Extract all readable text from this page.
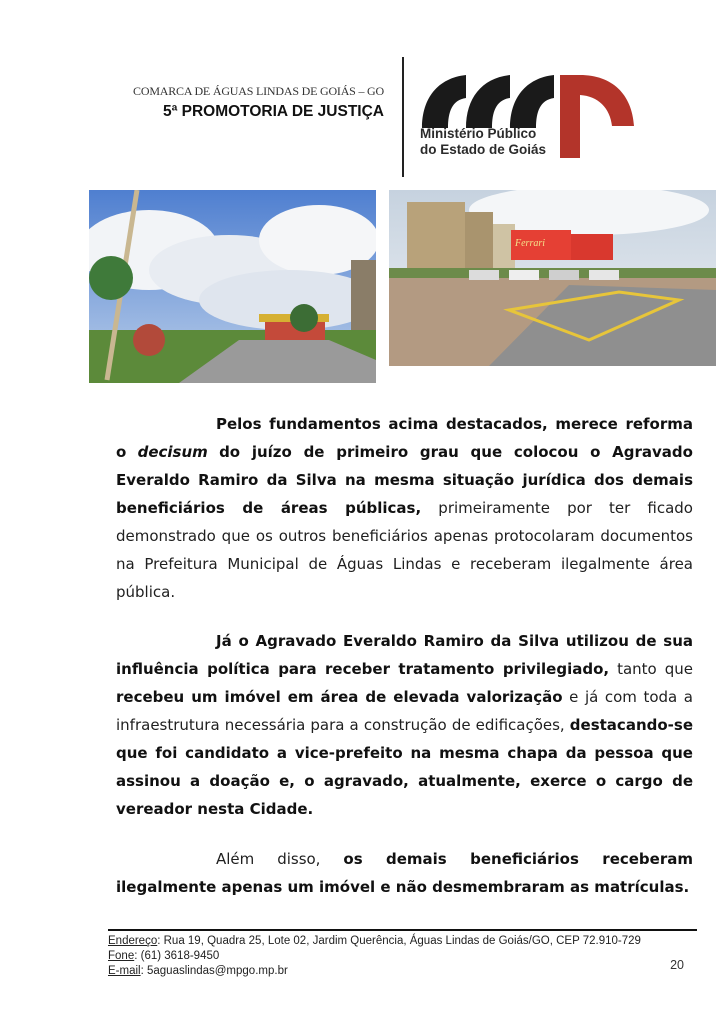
COMARCA DE ÁGUAS LINDAS DE GOIÁS – GO
5ª PROMOTORIA DE JUSTIÇA
Ministério Público
do Estado de Goiás
Ferrari
Pelos fundamentos acima destacados, merece reforma o decisum do juízo de primeiro grau que colocou o Agravado Everaldo Ramiro da Silva na mesma situação jurídica dos demais beneficiários de áreas públicas, primeiramente por ter ficado demonstrado que os outros beneficiários apenas protocolaram documentos na Prefeitura Municipal de Águas Lindas e receberam ilegalmente área pública.
Já o Agravado Everaldo Ramiro da Silva utilizou de sua influência política para receber tratamento privilegiado, tanto que recebeu um imóvel em área de elevada valorização e já com toda a infraestrutura necessária para a construção de edificações, destacando-se que foi candidato a vice-prefeito na mesma chapa da pessoa que assinou a doação e, o agravado, atualmente, exerce o cargo de vereador nesta Cidade.
Além disso, os demais beneficiários receberam ilegalmente apenas um imóvel e não desmembraram as matrículas.
Endereço: Rua 19, Quadra 25, Lote 02, Jardim Querência, Águas Lindas de Goiás/GO, CEP 72.910-729
Fone: (61) 3618-9450
E-mail: 5aguaslindas@mpgo.mp.br	20
